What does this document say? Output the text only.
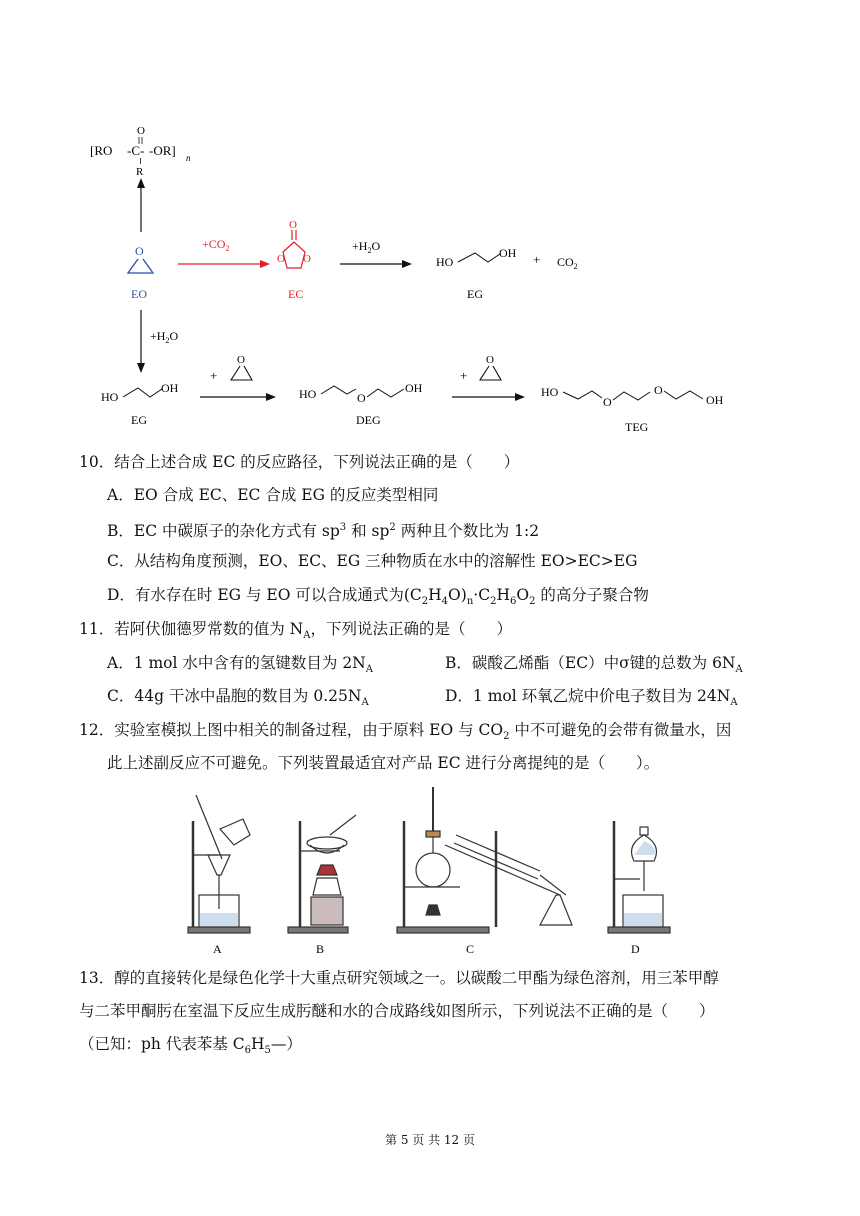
[RO -C- -OR]
O
R
n
O
EO
$+CO_2$
O
O O
EC
$+H_2O$
HO
OH + $CO_2$
EG
$+H_2O$
HO
OH
EG
+
O
HO	O
OH
DEG
+
O
HO
O
O
OH
TEG
10．结合上述合成 EC 的反应路径，下列说法正确的是（　　）
A．EO 合成 EC、EC 合成 EG 的反应类型相同
B．EC 中碳原子的杂化方式有 $sp^3$ 和 $sp^2$ 两种且个数比为 1:2
C．从结构角度预测，EO、EC、EG 三种物质在水中的溶解性 EO>EC>EG
D．有水存在时 EG 与 EO 可以合成通式为$(C_2H_4O)_n\cdot C_2H_6O_2$ 的高分子聚合物
11．若阿伏伽德罗常数的值为 $N_A$，下列说法正确的是（　　）
A．1 mol 水中含有的氢键数目为 $2N_A$	B．碳酸乙烯酯（EC）中σ键的总数为 $6N_A$
C．44g 干冰中晶胞的数目为 $0.25N_A$	D．1 mol 环氧乙烷中价电子数目为 $24N_A$
12．实验室模拟上图中相关的制备过程，由于原料 EO 与 $CO_2$ 中不可避免的会带有微量水，因
此上述副反应不可避免。下列装置最适宜对产品 EC 进行分离提纯的是（　　）。
A	B	C	D
13．醇的直接转化是绿色化学十大重点研究领域之一。以碳酸二甲酯为绿色溶剂，用三苯甲醇
与二苯甲酮肟在室温下反应生成肟醚和水的合成路线如图所示，下列说法不正确的是（　　）
（已知：ph 代表苯基 $C_6H_5—$）
第 5 页 共 12 页
